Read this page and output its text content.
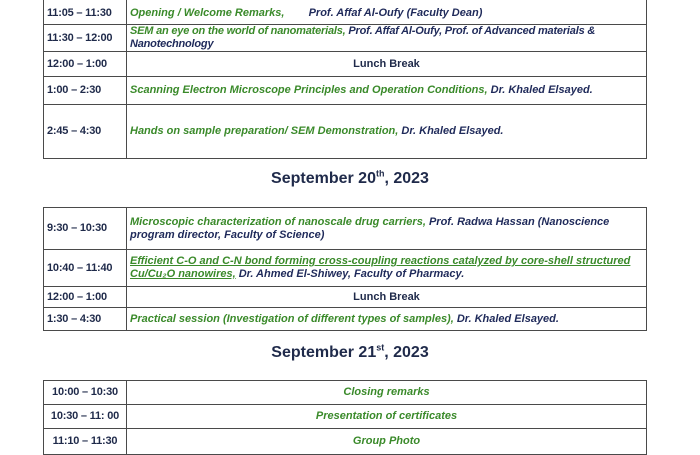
11:05 – 11:30	Opening / Welcome Remarks, Prof. Affaf Al-Oufy (Faculty Dean)
11:30 – 12:00	SEM an eye on the world of nanomaterials, Prof. Affaf Al-Oufy, Prof. of Advanced materials & Nanotechnology
12:00 – 1:00	Lunch Break
1:00 – 2:30	Scanning Electron Microscope Principles and Operation Conditions, Dr. Khaled Elsayed.
2:45 – 4:30	Hands on sample preparation/ SEM Demonstration, Dr. Khaled Elsayed.
September 20th, 2023
9:30 – 10:30	Microscopic characterization of nanoscale drug carriers, Prof. Radwa Hassan (Nanoscience program director, Faculty of Science)
10:40 – 11:40	Efficient C-O and C-N bond forming cross-coupling reactions catalyzed by core-shell structured Cu/Cu₂O nanowires, Dr. Ahmed El-Shiwey, Faculty of Pharmacy.
12:00 – 1:00	Lunch Break
1:30 – 4:30	Practical session (Investigation of different types of samples), Dr. Khaled Elsayed.
September 21st, 2023
10:00 – 10:30	Closing remarks
10:30 – 11: 00	Presentation of certificates
11:10 – 11:30	Group Photo
